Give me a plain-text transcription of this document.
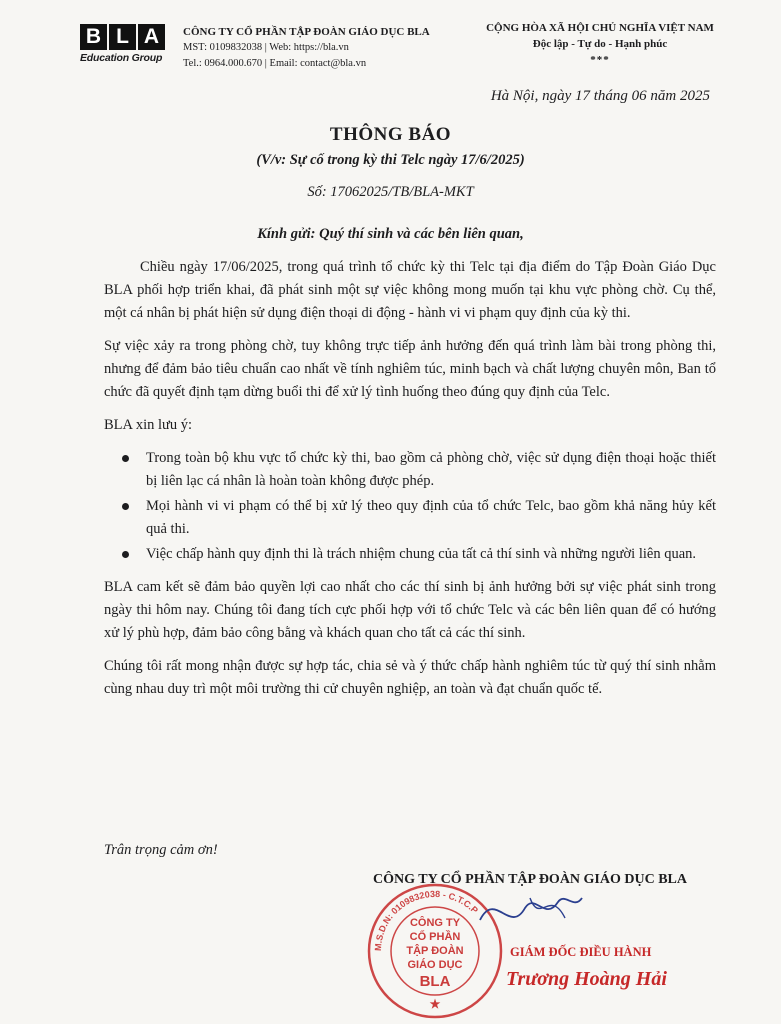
B L A
Education Group
CÔNG TY CỔ PHẦN TẬP ĐOÀN GIÁO DỤC BLA
MST: 0109832038 | Web: https://bla.vn
Tel.: 0964.000.670 | Email: contact@bla.vn
CỘNG HÒA XÃ HỘI CHỦ NGHĨA VIỆT NAM
Độc lập - Tự do - Hạnh phúc
***
Hà Nội, ngày 17 tháng 06 năm 2025
THÔNG BÁO
(V/v: Sự cố trong kỳ thi Telc ngày 17/6/2025)
Số: 17062025/TB/BLA-MKT
Kính gửi: Quý thí sinh và các bên liên quan,

Chiều ngày 17/06/2025, trong quá trình tổ chức kỳ thi Telc tại địa điểm do Tập Đoàn Giáo Dục BLA phối hợp triển khai, đã phát sinh một sự việc không mong muốn tại khu vực phòng chờ. Cụ thể, một cá nhân bị phát hiện sử dụng điện thoại di động - hành vi vi phạm quy định của kỳ thi.

Sự việc xảy ra trong phòng chờ, tuy không trực tiếp ảnh hưởng đến quá trình làm bài trong phòng thi, nhưng để đảm bảo tiêu chuẩn cao nhất về tính nghiêm túc, minh bạch và chất lượng chuyên môn, Ban tổ chức đã quyết định tạm dừng buổi thi để xử lý tình huống theo đúng quy định của Telc.

BLA xin lưu ý:

Trong toàn bộ khu vực tổ chức kỳ thi, bao gồm cả phòng chờ, việc sử dụng điện thoại hoặc thiết bị liên lạc cá nhân là hoàn toàn không được phép.
Mọi hành vi vi phạm có thể bị xử lý theo quy định của tổ chức Telc, bao gồm khả năng hủy kết quả thi.
Việc chấp hành quy định thi là trách nhiệm chung của tất cả thí sinh và những người liên quan.

BLA cam kết sẽ đảm bảo quyền lợi cao nhất cho các thí sinh bị ảnh hưởng bởi sự việc phát sinh trong ngày thi hôm nay. Chúng tôi đang tích cực phối hợp với tổ chức Telc và các bên liên quan để có hướng xử lý phù hợp, đảm bảo công bằng và khách quan cho tất cả các thí sinh.

Chúng tôi rất mong nhận được sự hợp tác, chia sẻ và ý thức chấp hành nghiêm túc từ quý thí sinh nhằm cùng nhau duy trì một môi trường thi cử chuyên nghiệp, an toàn và đạt chuẩn quốc tế.

Trân trọng cảm ơn!
CÔNG TY CỔ PHẦN TẬP ĐOÀN GIÁO DỤC BLA
M.S.D.N: 0109832038 - C.T.C.P
CÔNG TY
CỔ PHẦN
TẬP ĐOÀN
GIÁO DỤC
BLA
★
GIÁM ĐỐC ĐIỀU HÀNH
Trương Hoàng Hải
